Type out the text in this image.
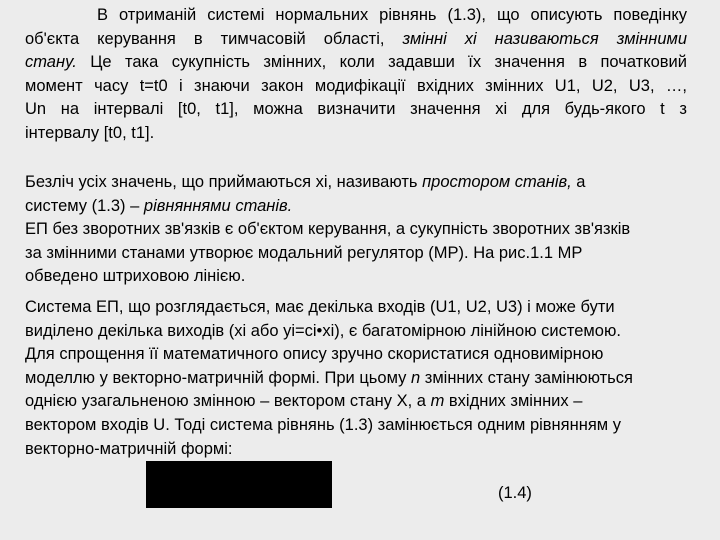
В отриманій системі нормальних рівнянь (1.3), що описують поведінку
об'єкта керування в тимчасовій області, змінні хі називаються змінними
стану. Це така сукупність змінних, коли задавши їх значення в початковий
момент часу t=t0 і знаючи закон модифікації вхідних змінних U1, U2, U3, …,
Un на інтервалі [t0, t1], можна визначити значення хі для будь-якого t з
інтервалу [t0, t1].
Безліч усіх значень, що приймаються хі, називають простором станів, а
систему (1.3) – рівняннями станів.
ЕП без зворотних зв'язків є об'єктом керування, а сукупність зворотних зв'язків
за змінними станами утворює модальний регулятор (МР). На рис.1.1 МР
обведено штриховою лінією.
Система ЕП, що розглядається, має декілька входів (U1, U2, U3) і може бути
виділено декілька виходів (хі або yi=ci•xi), є багатомірною лінійною системою.
Для спрощення її математичного опису зручно скористатися одновимірною
моделлю у векторно-матричній формі. При цьому n змінних стану замінюються
однією узагальненою змінною – вектором стану Х, а m вхідних змінних –
вектором входів U. Тоді система рівнянь (1.3) замінюється одним рівнянням у
векторно-матричній формі:
(1.4)
